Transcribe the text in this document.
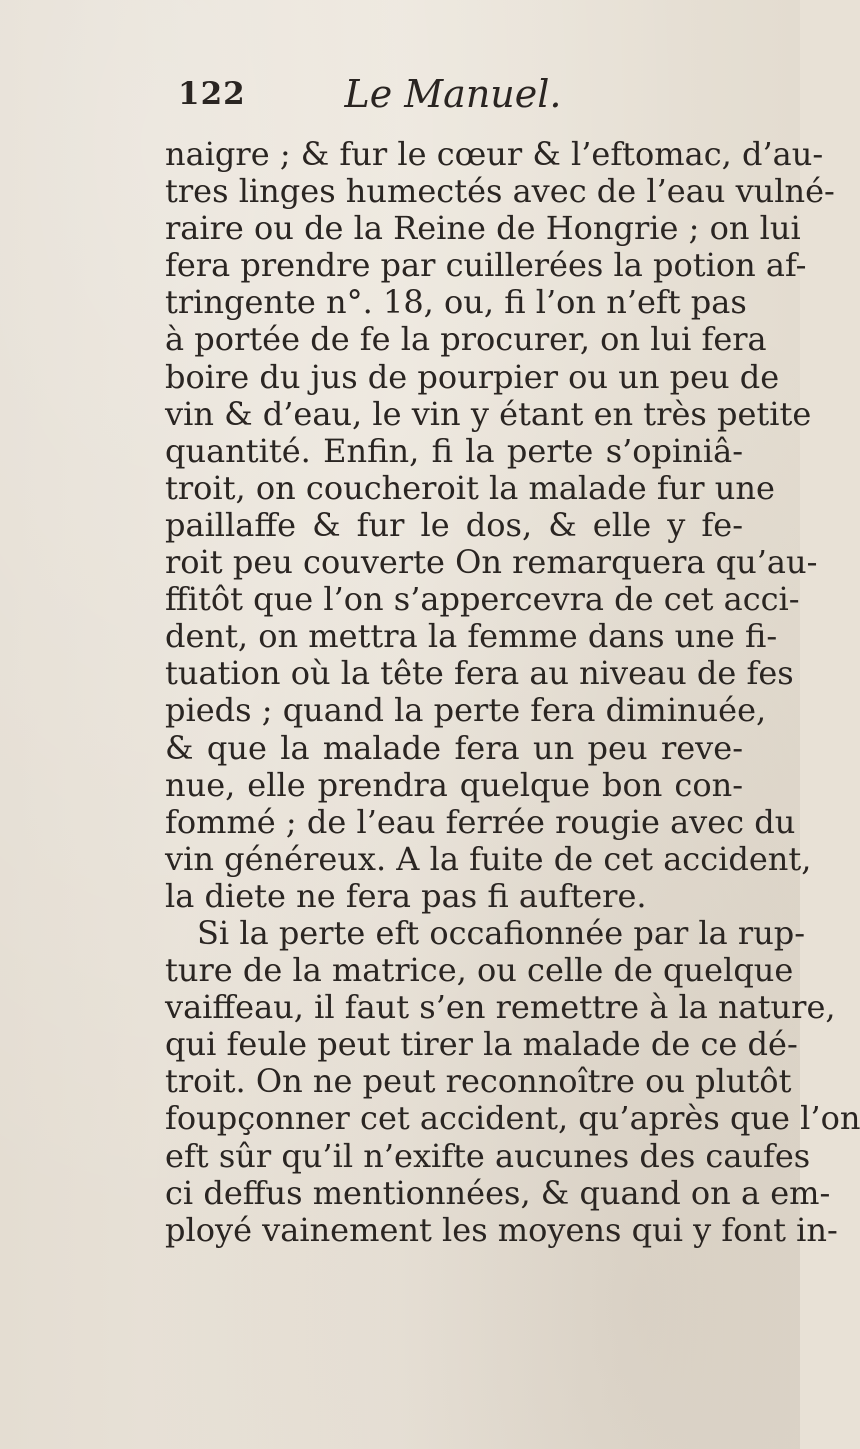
122	Le Manuel.
naigre ; & fur le cœur & l’eftomac, d’au-
tres linges humectés avec de l’eau vulné-
raire ou de la Reine de Hongrie ; on lui
fera prendre par cuillerées la potion af-
tringente n°. 18, ou, fi l’on n’eft pas
à portée de fe la procurer, on lui fera
boire du jus de pourpier ou un peu de
vin & d’eau, le vin y étant en très petite
quantité. Enfin, fi la perte s’opiniâ-
troit, on coucheroit la malade fur une
paillaffe & fur le dos, & elle y fe-
roit peu couverte On remarquera qu’au-
ffitôt que l’on s’appercevra de cet acci-
dent, on mettra la femme dans une fi-
tuation où la tête fera au niveau de fes
pieds ; quand la perte fera diminuée,
& que la malade fera un peu reve-
nue, elle prendra quelque bon con-
fommé ; de l’eau ferrée rougie avec du
vin généreux. A la fuite de cet accident,
la diete ne fera pas fi auftere.
Si la perte eft occafionnée par la rup-
ture de la matrice, ou celle de quelque
vaiffeau, il faut s’en remettre à la nature,
qui feule peut tirer la malade de ce dé-
troit. On ne peut reconnoître ou plutôt
foupçonner cet accident, qu’après que l’on
eft sûr qu’il n’exifte aucunes des caufes
ci deffus mentionnées, & quand on a em-
ployé vainement les moyens qui y font in-
